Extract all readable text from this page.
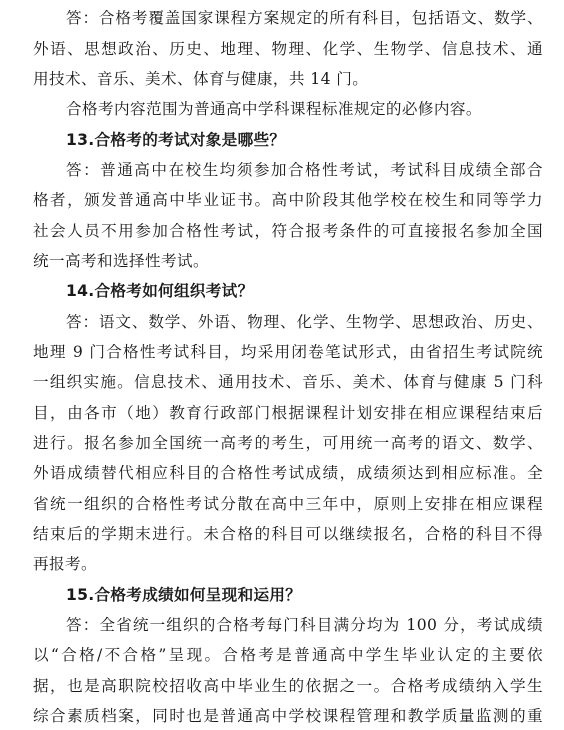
答：合格考覆盖国家课程方案规定的所有科目，包括语文、数学、
外语、思想政治、历史、地理、物理、化学、生物学、信息技术、通
用技术、音乐、美术、体育与健康，共 14 门。
合格考内容范围为普通高中学科课程标准规定的必修内容。
13.合格考的考试对象是哪些？
答：普通高中在校生均须参加合格性考试，考试科目成绩全部合
格者，颁发普通高中毕业证书。高中阶段其他学校在校生和同等学力
社会人员不用参加合格性考试，符合报考条件的可直接报名参加全国
统一高考和选择性考试。
14.合格考如何组织考试？
答：语文、数学、外语、物理、化学、生物学、思想政治、历史、
地理 9 门合格性考试科目，均采用闭卷笔试形式，由省招生考试院统
一组织实施。信息技术、通用技术、音乐、美术、体育与健康 5 门科
目，由各市（地）教育行政部门根据课程计划安排在相应课程结束后
进行。报名参加全国统一高考的考生，可用统一高考的语文、数学、
外语成绩替代相应科目的合格性考试成绩，成绩须达到相应标准。全
省统一组织的合格性考试分散在高中三年中，原则上安排在相应课程
结束后的学期末进行。未合格的科目可以继续报名，合格的科目不得
再报考。
15.合格考成绩如何呈现和运用？
答：全省统一组织的合格考每门科目满分均为 100 分，考试成绩
以“合格/不合格”呈现。合格考是普通高中学生毕业认定的主要依
据，也是高职院校招收高中毕业生的依据之一。合格考成绩纳入学生
综合素质档案，同时也是普通高中学校课程管理和教学质量监测的重
